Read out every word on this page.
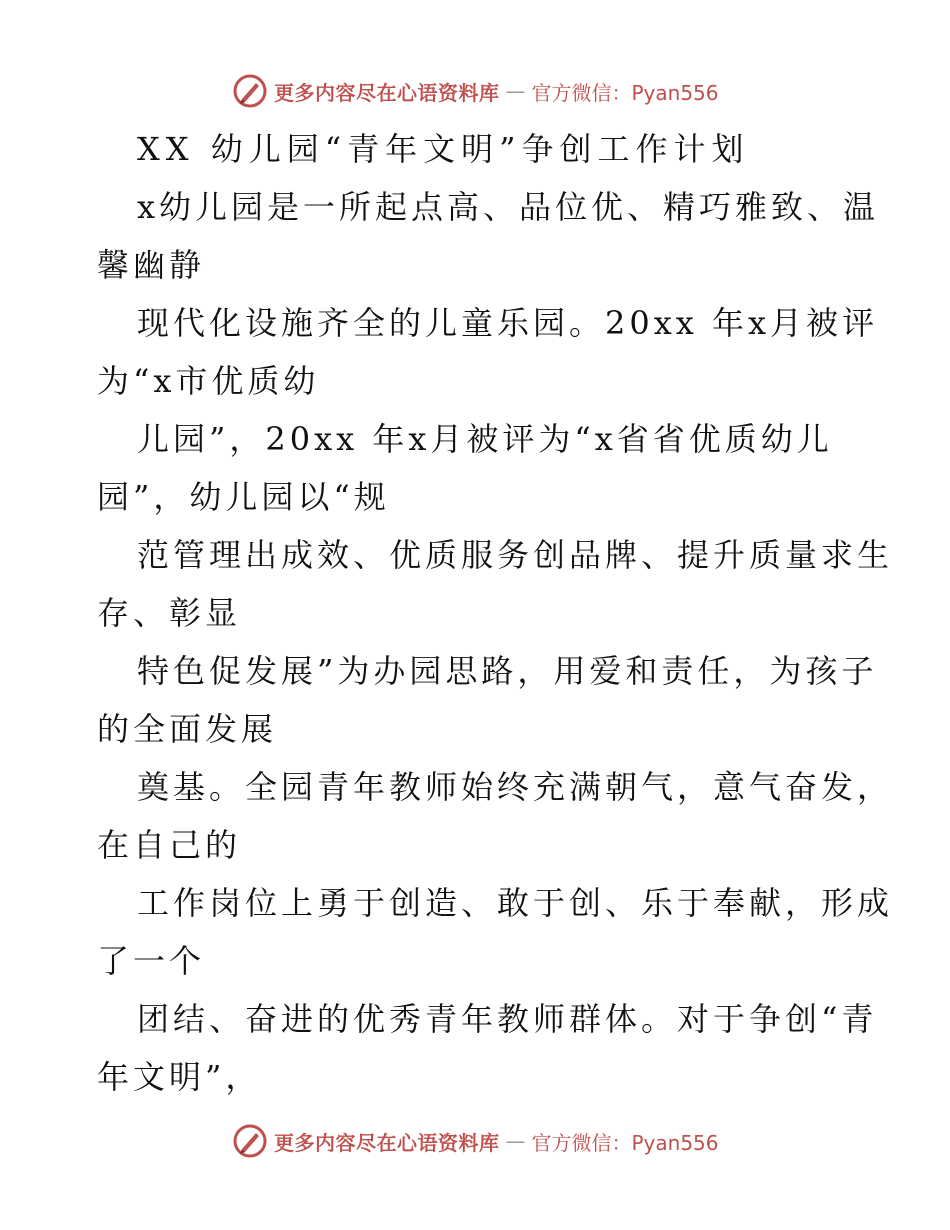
更多内容尽在心语资料库 — 官方微信：Pyan556
XX 幼儿园“青年文明”争创工作计划
x幼儿园是一所起点高、品位优、精巧雅致、温
馨幽静
现代化设施齐全的儿童乐园。20xx 年x月被评
为“x市优质幼
儿园”，20xx 年x月被评为“x省省优质幼儿
园”，幼儿园以“规
范管理出成效、优质服务创品牌、提升质量求生
存、彰显
特色促发展”为办园思路，用爱和责任，为孩子
的全面发展
奠基。全园青年教师始终充满朝气，意气奋发，
在自己的
工作岗位上勇于创造、敢于创、乐于奉献，形成
了一个
团结、奋进的优秀青年教师群体。对于争创“青
年文明”，
更多内容尽在心语资料库 — 官方微信：Pyan556
